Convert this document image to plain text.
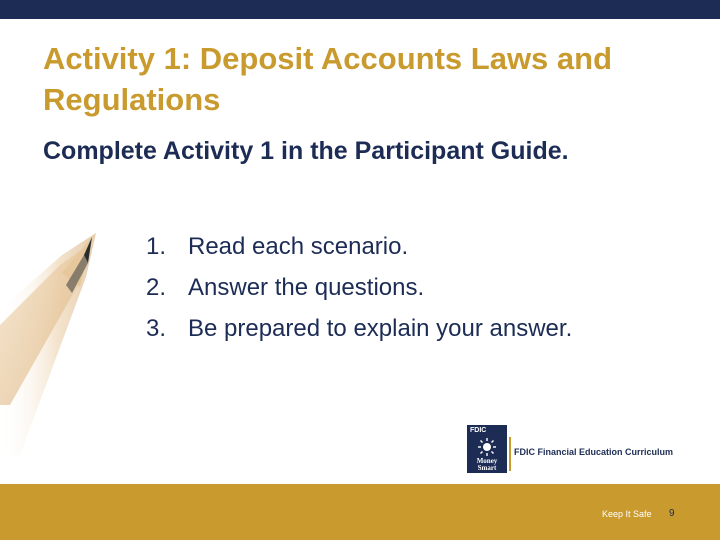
Activity 1: Deposit Accounts Laws and Regulations

Complete Activity 1 in the Participant Guide.

1. Read each scenario.
2. Answer the questions.
3. Be prepared to explain your answer.
FDIC
Money
Smart
FDIC Financial Education Curriculum
Keep It Safe 9
